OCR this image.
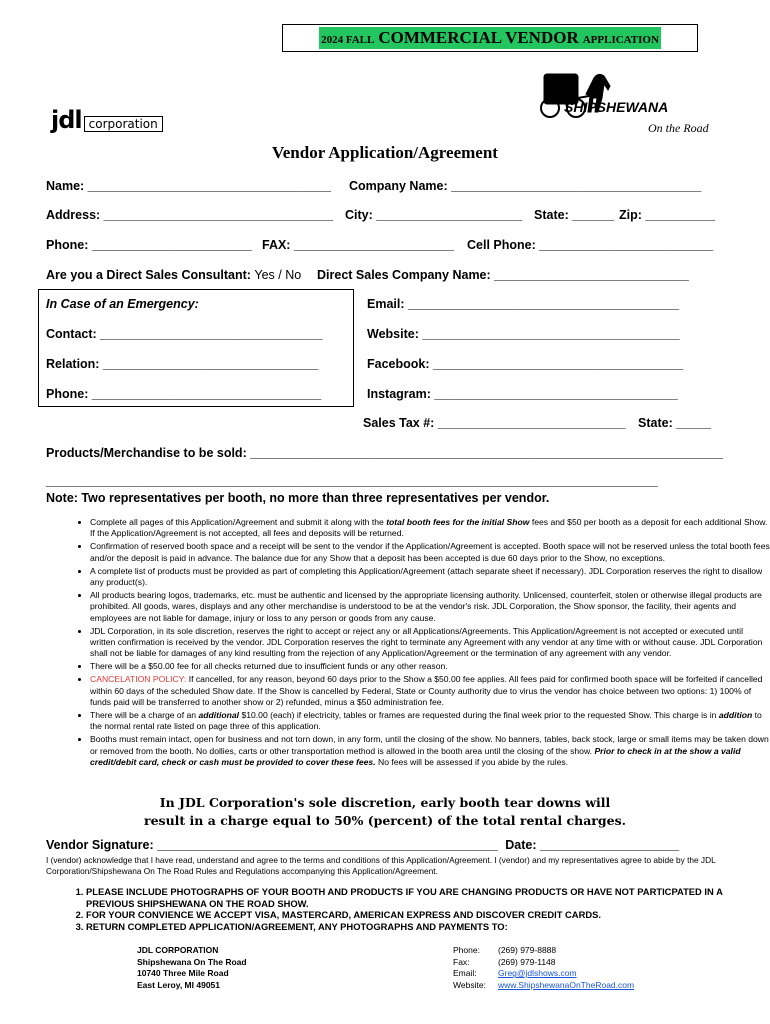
2024 FALL COMMERCIAL VENDOR APPLICATION
jdl corporation
SHIPSHEWANA
On the Road
Vendor Application/Agreement
Name: ___________________________________ Company Name: ____________________________________
Address: _________________________________ City: _____________________ State: ______ Zip: __________
Phone: _______________________ FAX: _______________________ Cell Phone: _________________________
Are you a Direct Sales Consultant: Yes / No Direct Sales Company Name: ____________________________
In Case of an Emergency:
Contact: ________________________________
Relation: _______________________________
Phone: _________________________________
Email: _______________________________________
Website: _____________________________________
Facebook: ____________________________________
Instagram: ___________________________________
Sales Tax #: ___________________________ State: _____
Products/Merchandise to be sold: ____________________________________________________________________
________________________________________________________________________________________
Note: Two representatives per booth, no more than three representatives per vendor.
• Complete all pages of this Application/Agreement and submit it along with the total booth fees for the initial Show fees and $50 per booth as a deposit for each additional Show. If the Application/Agreement is not accepted, all fees and deposits will be returned.
• Confirmation of reserved booth space and a receipt will be sent to the vendor if the Application/Agreement is accepted. Booth space will not be reserved unless the total booth fees and/or the deposit is paid in advance. The balance due for any Show that a deposit has been accepted is due 60 days prior to the Show, no exceptions.
• A complete list of products must be provided as part of completing this Application/Agreement (attach separate sheet if necessary). JDL Corporation reserves the right to disallow any product(s).
• All products bearing logos, trademarks, etc. must be authentic and licensed by the appropriate licensing authority. Unlicensed, counterfeit, stolen or otherwise illegal products are prohibited. All goods, wares, displays and any other merchandise is understood to be at the vendor's risk. JDL Corporation, the Show sponsor, the facility, their agents and employees are not liable for damage, injury or loss to any person or goods from any cause.
• JDL Corporation, in its sole discretion, reserves the right to accept or reject any or all Applications/Agreements. This Application/Agreement is not accepted or executed until written confirmation is received by the vendor. JDL Corporation reserves the right to terminate any Agreement with any vendor at any time with or without cause. JDL Corporation shall not be liable for damages of any kind resulting from the rejection of any Application/Agreement or the termination of any agreement with any vendor.
• There will be a $50.00 fee for all checks returned due to insufficient funds or any other reason.
• CANCELATION POLICY: If cancelled, for any reason, beyond 60 days prior to the Show a $50.00 fee applies. All fees paid for confirmed booth space will be forfeited if cancelled within 60 days of the scheduled Show date. If the Show is cancelled by Federal, State or County authority due to virus the vendor has choice between two options: 1) 100% of funds paid will be transferred to another show or 2) refunded, minus a $50 administration fee.
• There will be a charge of an additional $10.00 (each) if electricity, tables or frames are requested during the final week prior to the requested Show. This charge is in addition to the normal rental rate listed on page three of this application.
• Booths must remain intact, open for business and not torn down, in any form, until the closing of the show. No banners, tables, back stock, large or small items may be taken down or removed from the booth. No dollies, carts or other transportation method is allowed in the booth area until the closing of the show. Prior to check in at the show a valid credit/debit card, check or cash must be provided to cover these fees. No fees will be assessed if you abide by the rules.
In JDL Corporation's sole discretion, early booth tear downs will
result in a charge equal to 50% (percent) of the total rental charges.
Vendor Signature: _________________________________________________ Date: ____________________
I (vendor) acknowledge that I have read, understand and agree to the terms and conditions of this Application/Agreement. I (vendor) and my representatives agree to abide by the JDL Corporation/Shipshewana On The Road Rules and Regulations accompanying this Application/Agreement.
1. PLEASE INCLUDE PHOTOGRAPHS OF YOUR BOOTH AND PRODUCTS IF YOU ARE CHANGING PRODUCTS OR HAVE NOT PARTICPATED IN A PREVIOUS SHIPSHEWANA ON THE ROAD SHOW.
2. FOR YOUR CONVIENCE WE ACCEPT VISA, MASTERCARD, AMERICAN EXPRESS AND DISCOVER CREDIT CARDS.
3. RETURN COMPLETED APPLICATION/AGREEMENT, ANY PHOTOGRAPHS AND PAYMENTS TO:
JDL CORPORATION
Shipshewana On The Road
10740 Three Mile Road
East Leroy, MI 49051
Phone: (269) 979-8888
Fax:	(269) 979-1148
Email:	Greg@jdlshows.com
Website: www.ShipshewanaOnTheRoad.com
